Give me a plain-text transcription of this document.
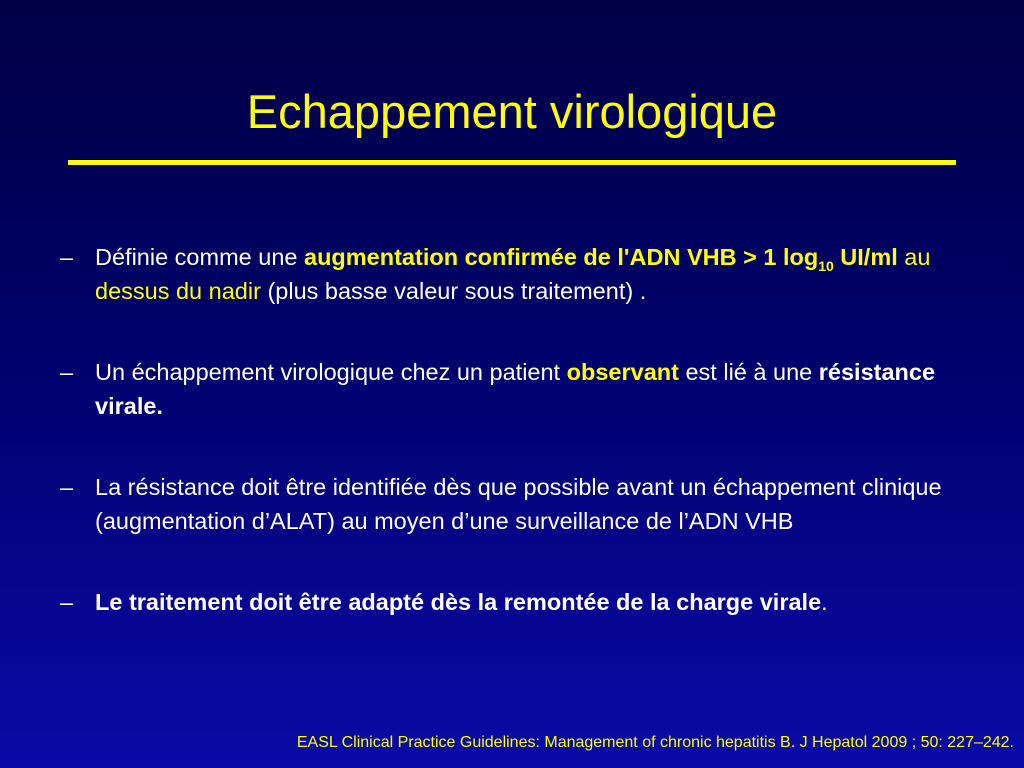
Echappement virologique
– Définie comme une augmentation confirmée de l'ADN VHB > 1 $\log_{10} UI/ml$ au dessus du nadir (plus basse valeur sous traitement) .
– Un échappement virologique chez un patient observant est lié à une résistance virale.
– La résistance doit être identifiée dès que possible avant un échappement clinique (augmentation d’ALAT) au moyen d’une surveillance de l’ADN VHB
– Le traitement doit être adapté dès la remontée de la charge virale.
EASL Clinical Practice Guidelines: Management of chronic hepatitis B. J Hepatol 2009 ; 50: 227–242.
